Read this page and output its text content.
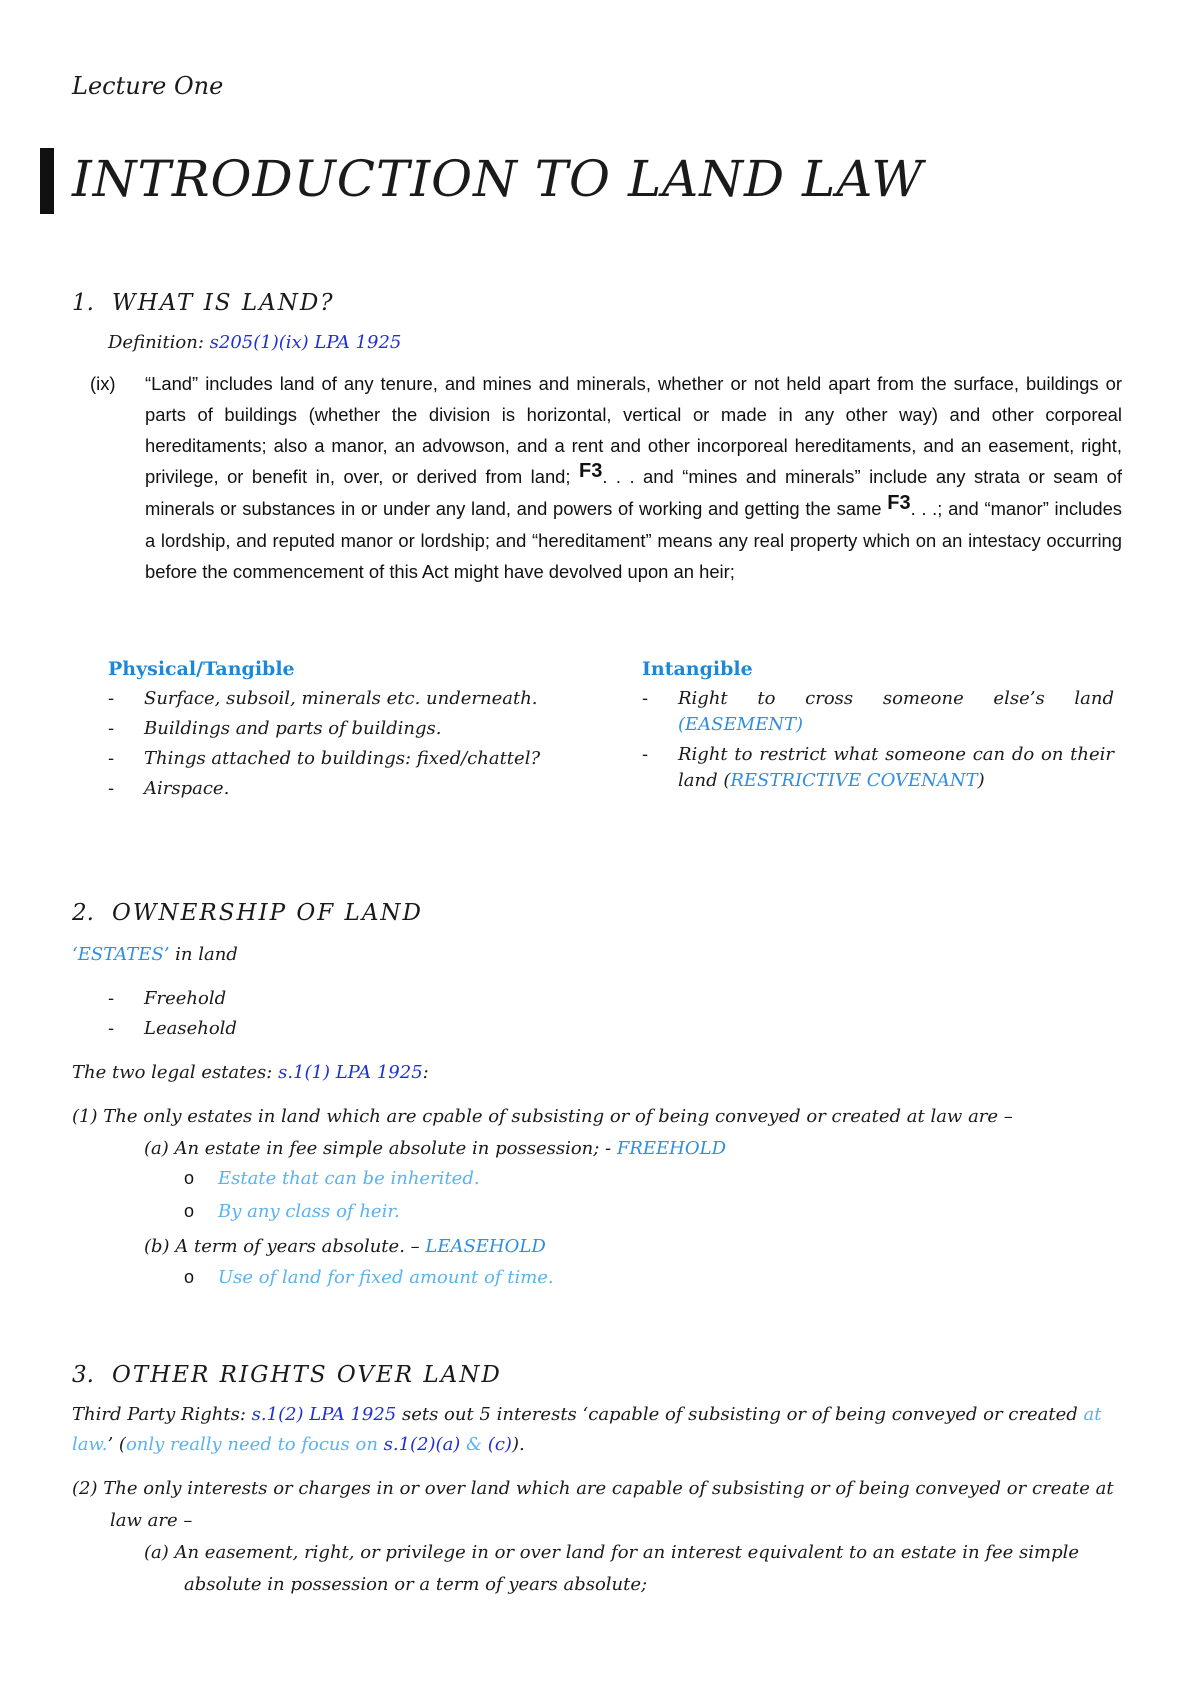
Lecture One
INTRODUCTION TO LAND LAW
1. WHAT IS LAND?
Definition: s205(1)(ix) LPA 1925
(ix) “Land” includes land of any tenure, and mines and minerals, whether or not held apart from the surface, buildings or parts of buildings (whether the division is horizontal, vertical or made in any other way) and other corporeal hereditaments; also a manor, an advowson, and a rent and other incorporeal hereditaments, and an easement, right, privilege, or benefit in, over, or derived from land; F3. . . and “mines and minerals” include any strata or seam of minerals or substances in or under any land, and powers of working and getting the same F3. . .; and “manor” includes a lordship, and reputed manor or lordship; and “hereditament” means any real property which on an intestacy occurring before the commencement of this Act might have devolved upon an heir;
Physical/Tangible
- Surface, subsoil, minerals etc. underneath.
- Buildings and parts of buildings.
- Things attached to buildings: fixed/chattel?
- Airspace.
Intangible
- Right to cross someone else’s land (EASEMENT)
- Right to restrict what someone can do on their land (RESTRICTIVE COVENANT)
2. OWNERSHIP OF LAND
‘ESTATES’ in land
- Freehold
- Leasehold
The two legal estates: s.1(1) LPA 1925:
(1) The only estates in land which are cpable of subsisting or of being conveyed or created at law are –
(a) An estate in fee simple absolute in possession; - FREEHOLD
o Estate that can be inherited.
o By any class of heir.
(b) A term of years absolute. – LEASEHOLD
o Use of land for fixed amount of time.
3. OTHER RIGHTS OVER LAND
Third Party Rights: s.1(2) LPA 1925 sets out 5 interests ‘capable of subsisting or of being conveyed or created at law.’ (only really need to focus on s.1(2)(a) & (c)).
(2) The only interests or charges in or over land which are capable of subsisting or of being conveyed or create at
law are –
(a) An easement, right, or privilege in or over land for an interest equivalent to an estate in fee simple
absolute in possession or a term of years absolute;
